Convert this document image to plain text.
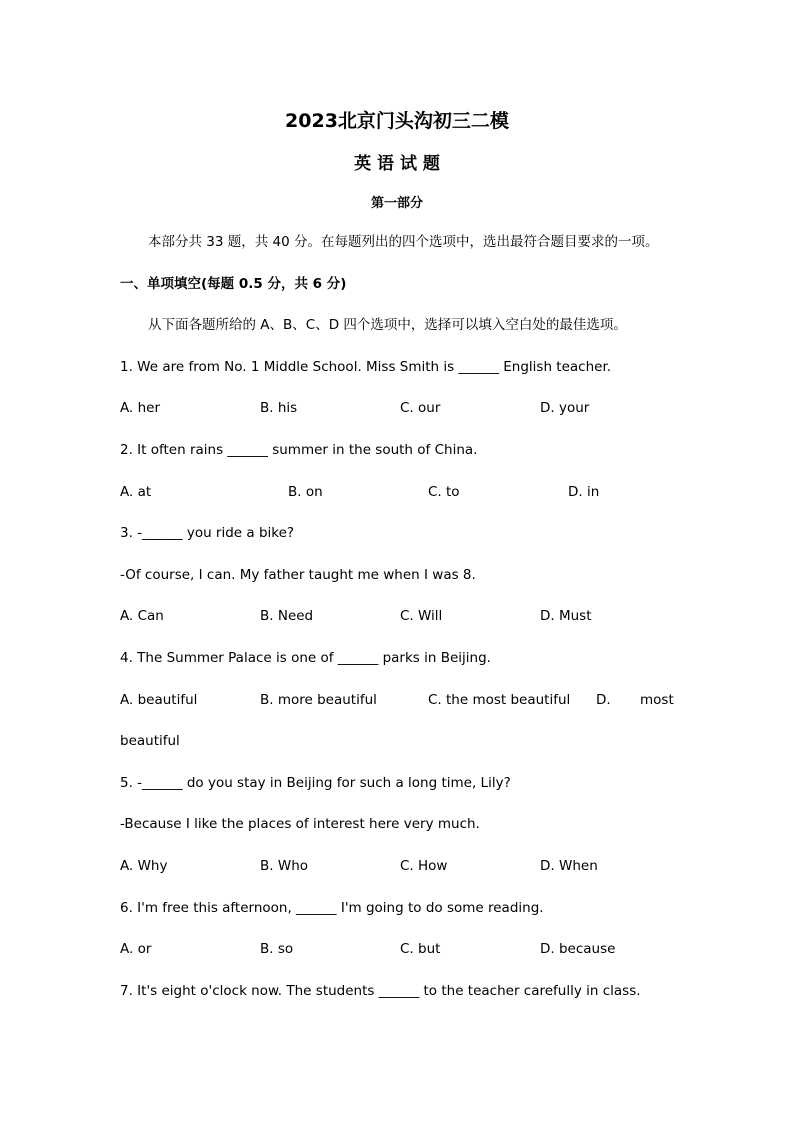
2023北京门头沟初三二模
英 语 试 题
第一部分
本部分共 33 题，共 40 分。在每题列出的四个选项中，选出最符合题目要求的一项。
一、单项填空(每题 0.5 分，共 6 分)
从下面各题所给的 A、B、C、D 四个选项中，选择可以填入空白处的最佳选项。
1. We are from No. 1 Middle School. Miss Smith is ______ English teacher.
A. her	B. his	C. our	D. your
2. It often rains ______ summer in the south of China.
A. at	B. on	C. to	D. in
3. -______ you ride a bike?
-Of course, I can. My father taught me when I was 8.
A. Can	B. Need	C. Will	D. Must
4. The Summer Palace is one of ______ parks in Beijing.
A. beautiful	B. more beautiful	C. the most beautiful D. most
beautiful
5. -______ do you stay in Beijing for such a long time, Lily?
-Because I like the places of interest here very much.
A. Why	B. Who	C. How	D. When
6. I'm free this afternoon, ______ I'm going to do some reading.
A. or	B. so	C. but	D. because
7. It's eight o'clock now. The students ______ to the teacher carefully in class.
